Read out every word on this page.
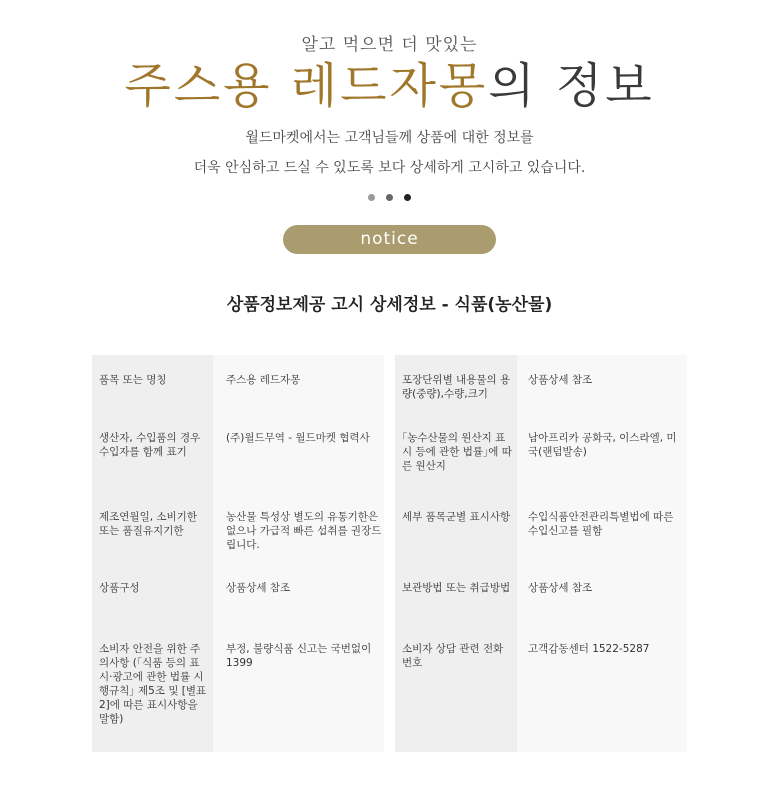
알고 먹으면 더 맛있는
주스용 레드자몽의 정보
월드마켓에서는 고객님들께 상품에 대한 정보를
더욱 안심하고 드실 수 있도록 보다 상세하게 고시하고 있습니다.
notice
상품정보제공 고시 상세정보 - 식품(농산물)
품목 또는 명칭
생산자, 수입품의 경우 수입자를 함께 표기
제조연월일, 소비기한 또는 품질유지기한
상품구성
소비자 안전을 위한 주의사항 (｢식품 등의 표시·광고에 관한 법률 시행규칙｣ 제5조 및 [별표 2]에 따른 표시사항을 말함)
주스용 레드자몽
(주)월드무역 - 월드마켓 협력사
농산물 특성상 별도의 유통기한은 없으나 가급적 빠른 섭취를 권장드립니다.
상품상세 참조
부정, 불량식품 신고는 국번없이 1399
포장단위별 내용물의 용량(중량),수량,크기
｢농수산물의 원산지 표시 등에 관한 법률｣에 따른 원산지
세부 품목군별 표시사항
보관방법 또는 취급방법
소비자 상담 관련 전화번호
상품상세 참조
남아프리카 공화국, 이스라엘, 미국(랜덤발송)
수입식품안전관리특별법에 따른 수입신고를 필함
상품상세 참조
고객감동센터 1522-5287
